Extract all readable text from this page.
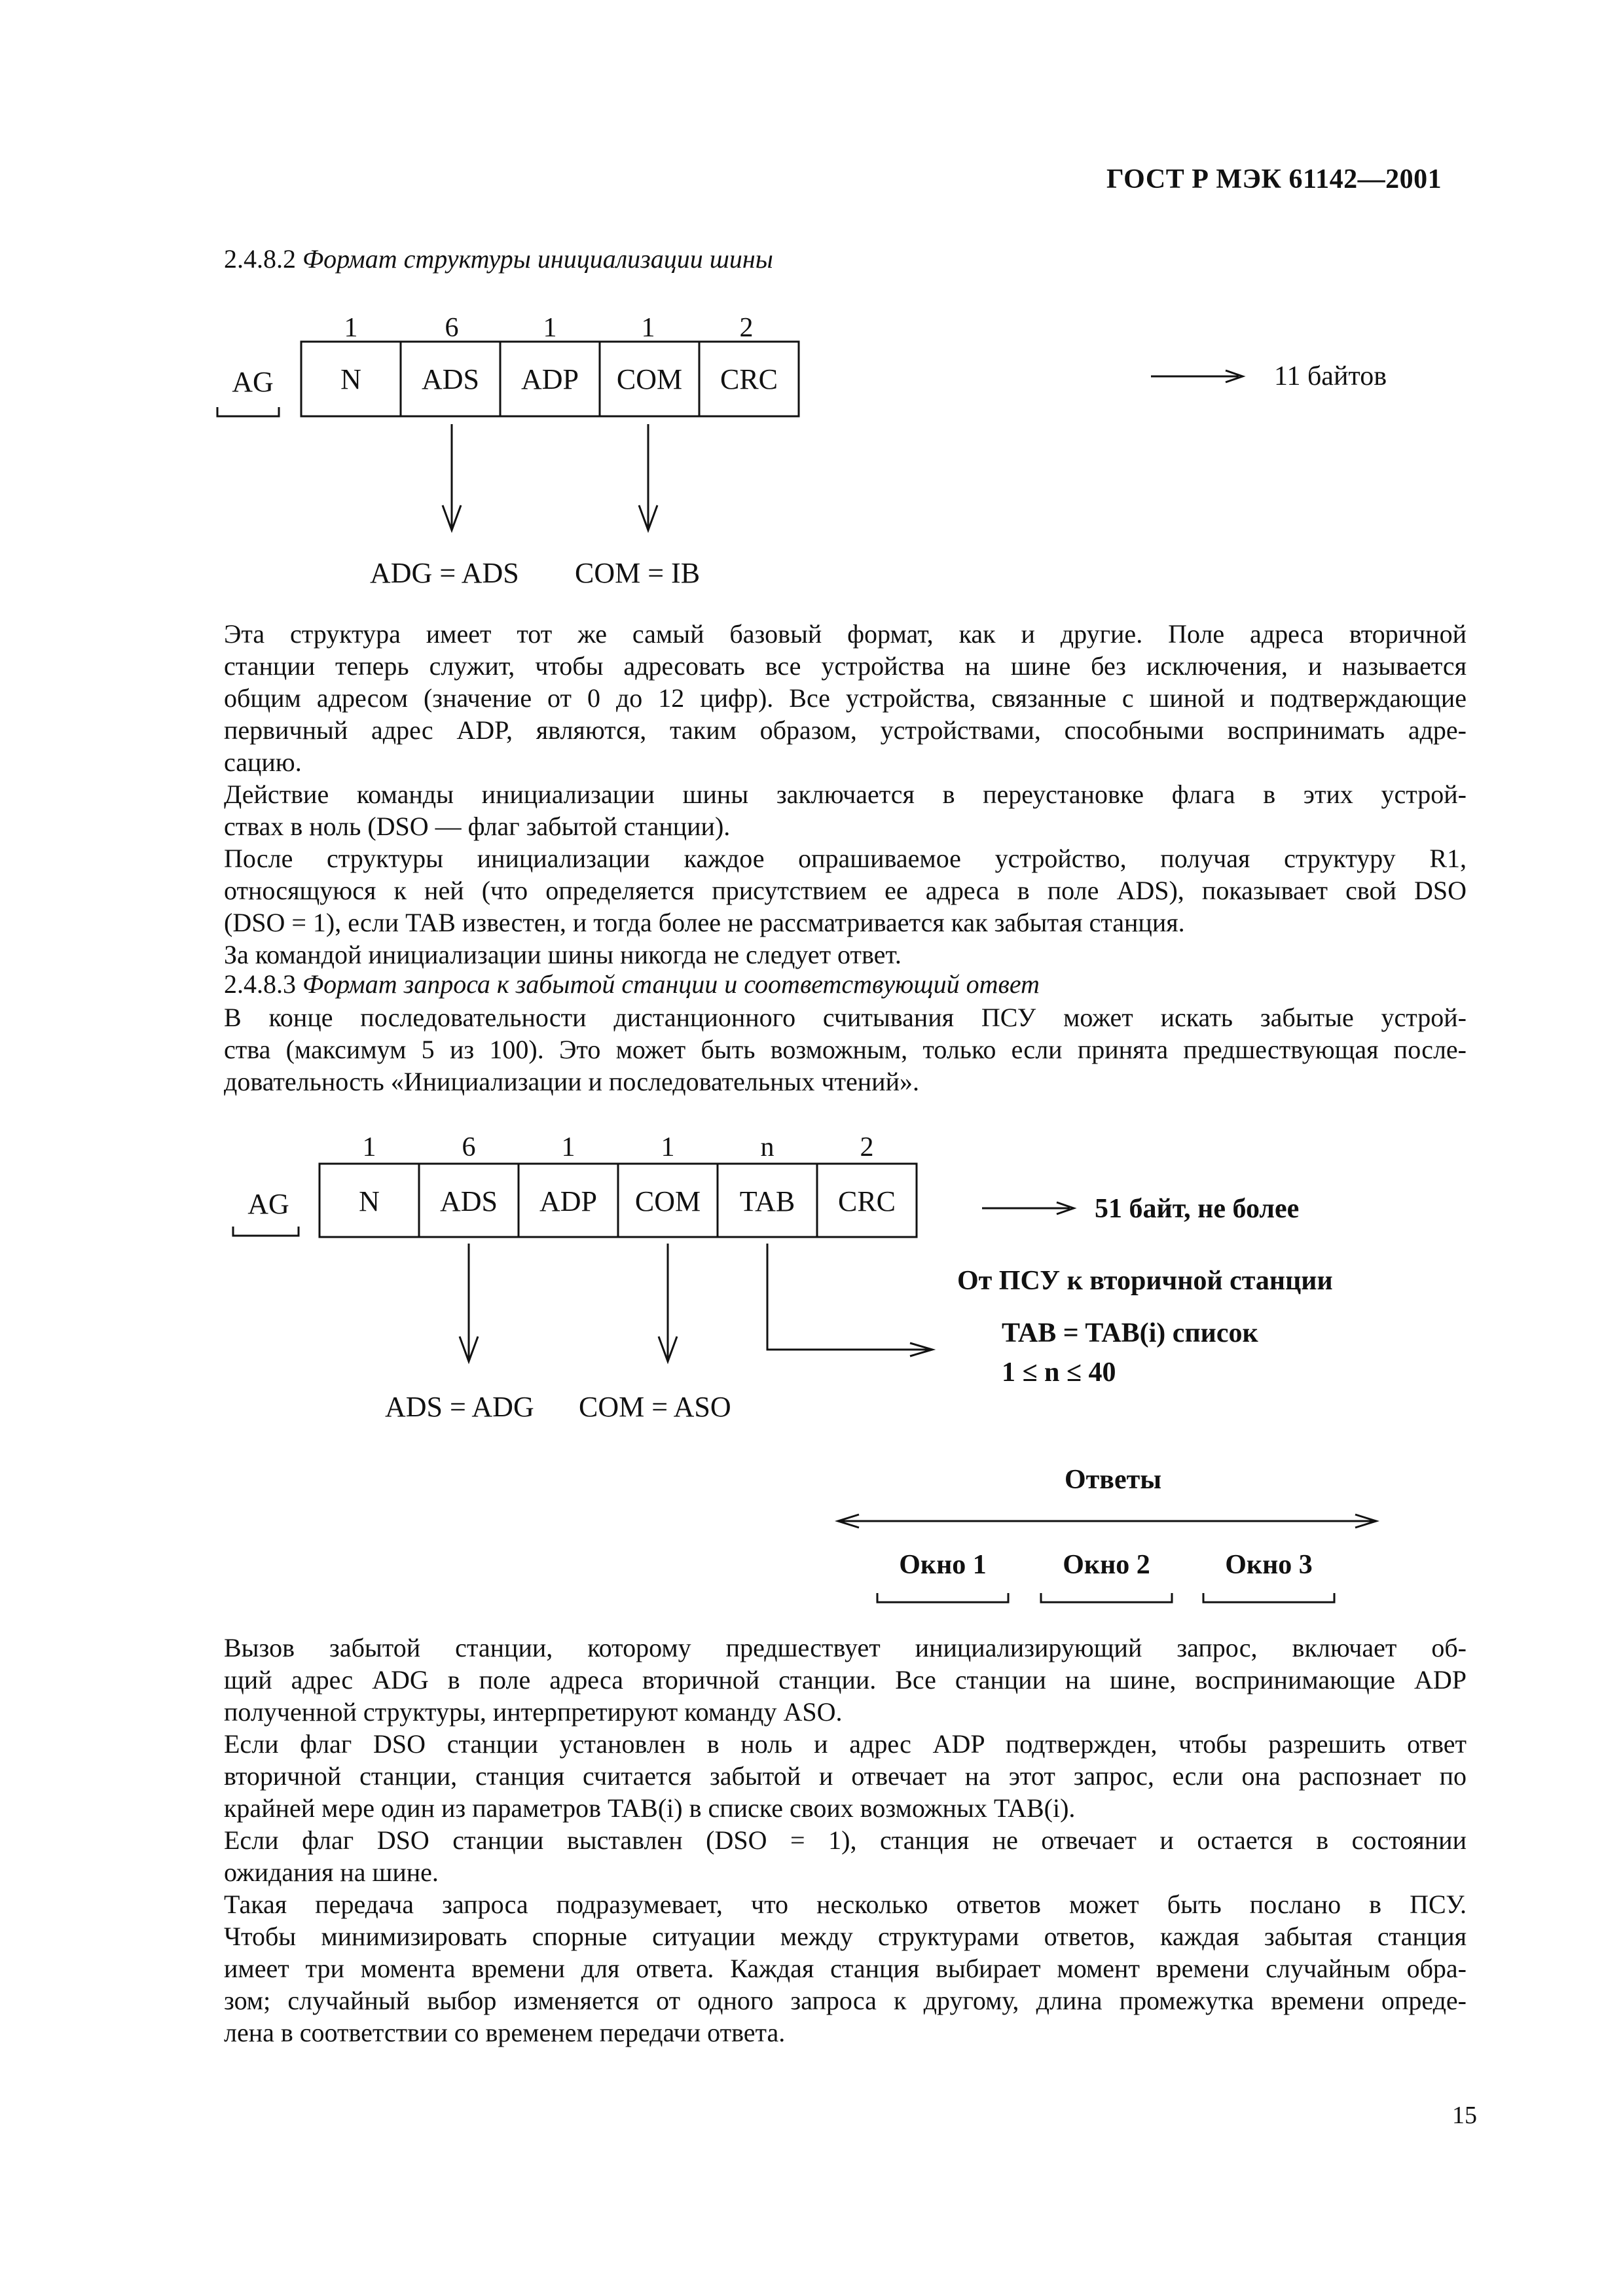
ГОСТ Р МЭК 61142—2001
2.4.8.2 Формат структуры инициализации шины
1	6	1	1	2
AG N ADS ADP COM CRC	11 байтов
ADG = ADS COM = IB
Эта структура имеет тот же самый базовый формат, как и другие. Поле адреса вторичной
станции теперь служит, чтобы адресовать все устройства на шине без исключения, и называется
общим адресом (значение от 0 до 12 цифр). Все устройства, связанные с шиной и подтверждающие
первичный адрес ADP, являются, таким образом, устройствами, способными воспринимать адре-
сацию.
Действие команды инициализации шины заключается в переустановке флага в этих устрой-
ствах в ноль (DSO — флаг забытой станции).
После структуры инициализации каждое опрашиваемое устройство, получая структуру R1,
относящуюся к ней (что определяется присутствием ее адреса в поле ADS), показывает свой DSO
(DSO = 1), если TAB известен, и тогда более не рассматривается как забытая станция.
За командой инициализации шины никогда не следует ответ.
2.4.8.3 Формат запроса к забытой станции и соответствующий ответ
В конце последовательности дистанционного считывания ПСУ может искать забытые устрой-
ства (максимум 5 из 100). Это может быть возможным, только если принята предшествующая после-
довательность «Инициализации и последовательных чтений».
1	6	1	1	n	2
AG N ADS ADP COM TAB CRC	51 байт, не более
От ПСУ к вторичной станции
TAB = TAB(i) список
1 ≤ n ≤ 40
ADS = ADG COM = ASO
Ответы
Окно 1	Окно 2	Окно 3
Вызов забытой станции, которому предшествует инициализирующий запрос, включает об-
щий адрес ADG в поле адреса вторичной станции. Все станции на шине, воспринимающие ADP
полученной структуры, интерпретируют команду ASO.
Если флаг DSO станции установлен в ноль и адрес ADP подтвержден, чтобы разрешить ответ
вторичной станции, станция считается забытой и отвечает на этот запрос, если она распознает по
крайней мере один из параметров TAB(i) в списке своих возможных TAB(i).
Если флаг DSO станции выставлен (DSO = 1), станция не отвечает и остается в состоянии
ожидания на шине.
Такая передача запроса подразумевает, что несколько ответов может быть послано в ПСУ.
Чтобы минимизировать спорные ситуации между структурами ответов, каждая забытая станция
имеет три момента времени для ответа. Каждая станция выбирает момент времени случайным обра-
зом; случайный выбор изменяется от одного запроса к другому, длина промежутка времени опреде-
лена в соответствии со временем передачи ответа.
15
